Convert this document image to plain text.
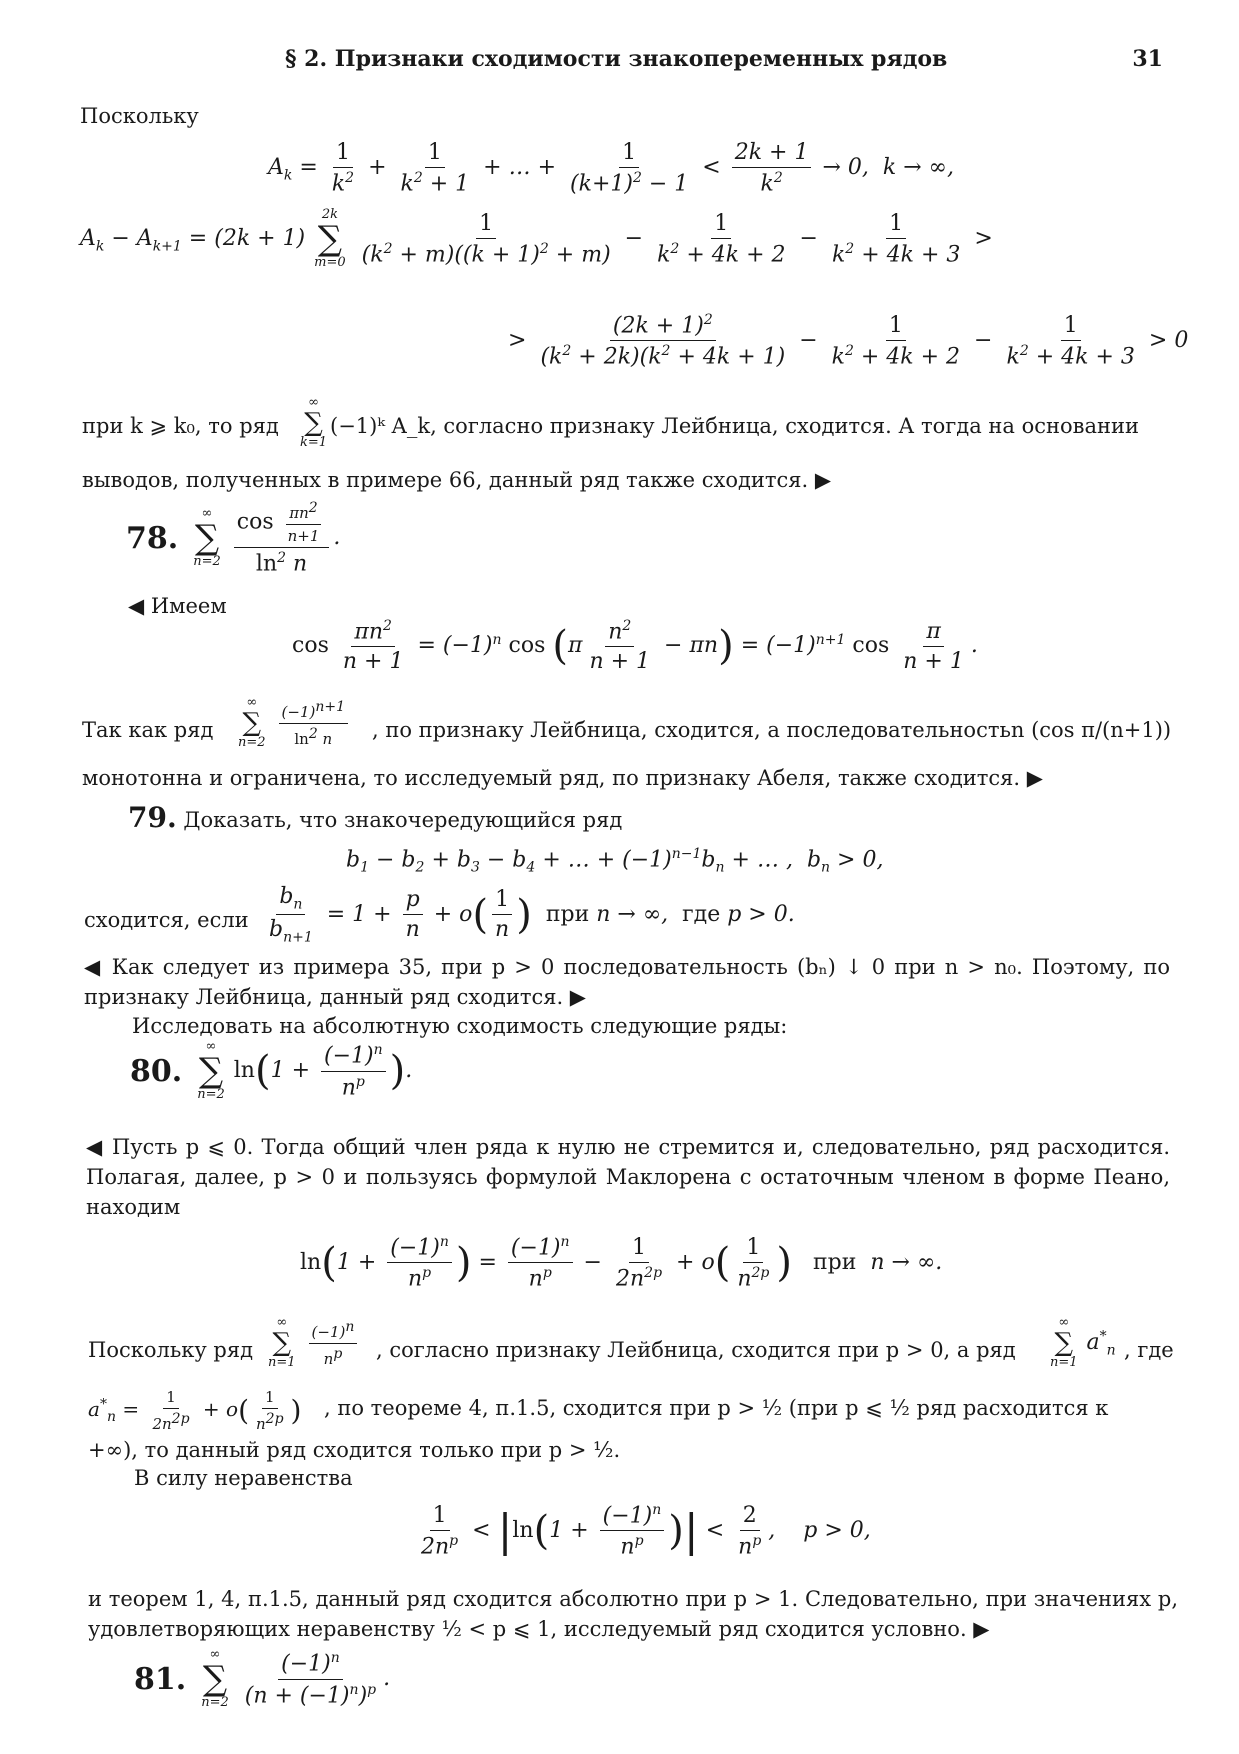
§ 2. Признаки сходимости знакопеременных рядов	31
Поскольку
$A_k = \frac{1}{k^2} + \frac{1}{k^2 + 1}$ + … + $\frac{1}{(k+1)^2 - 1} < \frac{2k + 1}{k^2} \to 0$,  k → ∞,
$A_k - A_{k+1} = (2k + 1)$
2k
∑
m=0
$\frac{1}{(k^2 + m)((k + 1)^2 + m)} - \frac{1}{k^2 + 4k + 2} - \frac{1}{k^2 + 4k + 3}$ >
> $\frac{(2k + 1)^2}{(k^2 + 2k)(k^2 + 4k + 1)} - \frac{1}{k^2 + 4k + 2} - \frac{1}{k^2 + 4k + 3} > 0$
при k ⩾ k₀, то ряд
∞
∑
k=1
(−1)ᵏ A_k, согласно признаку Лейбница, сходится. А тогда на основании
выводов, полученных в примере 66, данный ряд также сходится. ▶
78.
∞
∑
n=2
$\frac{\cos \frac{\pi n^2}{n+1}}{\ln^2 n}$ .
◀ Имеем
$\cos \frac{\pi n^2}{n + 1} = (-1)^n$ $\cos (\pi \frac{n^2}{n + 1} - \pi n) = (-1)^{n+1}$ $\cos \frac{\pi}{n + 1}$ .
Так как ряд
∞
∑
n=2
$\frac{(-1)^{n+1}}{\ln^2 n}$ , по признаку Лейбница, сходится, а последовательностьn (cos π/(n+1))
монотонна и ограничена, то исследуемый ряд, по признаку Абеля, также сходится. ▶
79. Доказать, что знакочередующийся ряд
$b_1 - b_2 + b_3 - b_4$ + … + $(-1)^{n-1}b_n$ + … ,  $b_n > 0$,
сходится, если $\frac{b_n}{b_{n+1}} = 1 + \frac{p}{n} + o( \frac{1}{n}$ )  при n → ∞,  где p > 0.
◀ Как следует из примера 35, при p > 0 последовательность (bₙ) ↓ 0 при n > n₀. Поэтому, по признаку Лейбница, данный ряд сходится. ▶
Исследовать на абсолютную сходимость следующие ряды:
80.
∞
∑
n=2
$\ln(1 + \frac{(-1)^n}{n^p}$ ).
◀ Пусть p ⩽ 0. Тогда общий член ряда к нулю не стремится и, следовательно, ряд расходится. Полагая, далее, p > 0 и пользуясь формулой Маклорена с остаточным членом в форме Пеано, находим
$\ln(1 + \frac{(-1)^n}{n^p}$ ) = $\frac{(-1)^n}{n^p} - \frac{1}{2n^{2p}} + o( \frac{1}{n^{2p}}$ ) при  n → ∞.
Поскольку ряд
∞
∑
n=1
$\frac{(-1)^n}{n^p}$ , согласно признаку Лейбница, сходится при p > 0, а ряд
∞
∑
n=1
$a^*_n$ , где
$a^*_n = \frac{1}{2n^{2p}} + o( \frac{1}{n^{2p}}$ ) , по теореме 4, п.1.5, сходится при p > ½ (при p ⩽ ½ ряд расходится к
+∞), то данный ряд сходится только при p > ½.
В силу неравенства
$\frac{1}{2n^p} < |\ln(1 + \frac{(-1)^n}{n^p}$ )| < $\frac{2}{n^p}$ ,    p > 0,
и теорем 1, 4, п.1.5, данный ряд сходится абсолютно при p > 1. Следовательно, при значениях p, удовлетворяющих неравенству ½ < p ⩽ 1, исследуемый ряд сходится условно. ▶
81.
∞
∑
n=2
$\frac{(-1)^n}{(n + (-1)^n)^p}$ .
